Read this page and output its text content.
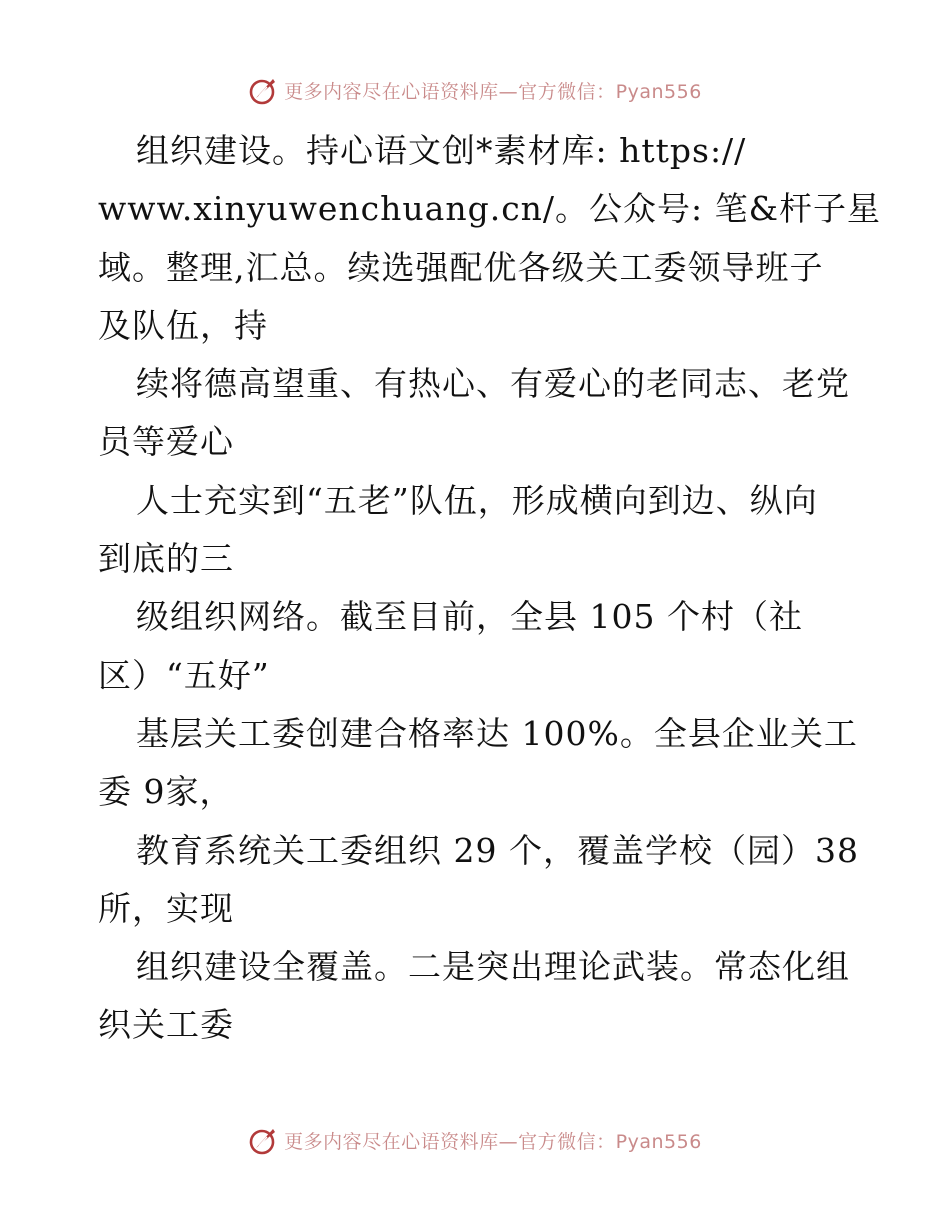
更多内容尽在心语资料库—官方微信：Pyan556
组织建设。持心语文创*素材库: https://
www.xinyuwenchuang.cn/。公众号: 笔&杆子星
域。整理,汇总。续选强配优各级关工委领导班子
及队伍，持
续将德高望重、有热心、有爱心的老同志、老党
员等爱心
人士充实到“五老”队伍，形成横向到边、纵向
到底的三
级组织网络。截至目前，全县 105 个村（社
区）“五好”
基层关工委创建合格率达 100%。全县企业关工
委 9家，
教育系统关工委组织 29 个，覆盖学校（园）38
所，实现
组织建设全覆盖。二是突出理论武装。常态化组
织关工委
更多内容尽在心语资料库—官方微信：Pyan556
